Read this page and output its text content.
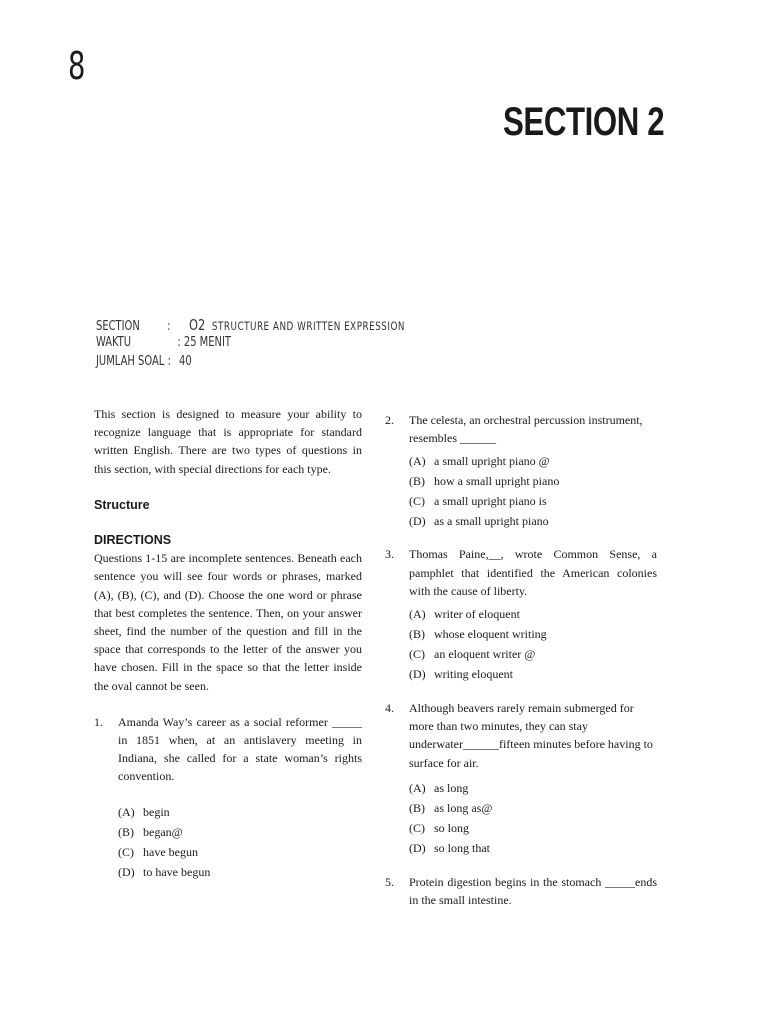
8
SECTION 2
SECTION : O2 STRUCTURE AND WRITTEN EXPRESSION
WAKTU	: 25 MENIT
JUMLAH SOAL : 40
This section is designed to measure your ability to recognize language that is appropriate for standard written English. There are two types of questions in this section, with special directions for each type.
Structure
DIRECTIONS
Questions 1-15 are incomplete sentences. Beneath each sentence you will see four words or phrases, marked (A), (B), (C), and (D). Choose the one word or phrase that best completes the sentence. Then, on your answer sheet, find the number of the question and fill in the space that corresponds to the letter of the answer you have chosen. Fill in the space so that the letter inside the oval cannot be seen.
1. Amanda Way’s career as a social reformer _____ in 1851 when, at an antislavery meeting in Indiana, she called for a state woman’s rights convention.
(A) begin
(B) began@
(C) have begun
(D) to have begun
2. The celesta, an orchestral percussion instrument, resembles ______
(A) a small upright piano @
(B) how a small upright piano
(C) a small upright piano is
(D) as a small upright piano
3. Thomas Paine,__, wrote Common Sense, a pamphlet that identified the American colonies with the cause of liberty.
(A) writer of eloquent
(B) whose eloquent writing
(C) an eloquent writer @
(D) writing eloquent
4. Although beavers rarely remain submerged for more than two minutes, they can stay underwater______fifteen minutes before having to surface for air.
(A) as long
(B) as long as@
(C) so long
(D) so long that
5. Protein digestion begins in the stomach _____ends in the small intestine.
